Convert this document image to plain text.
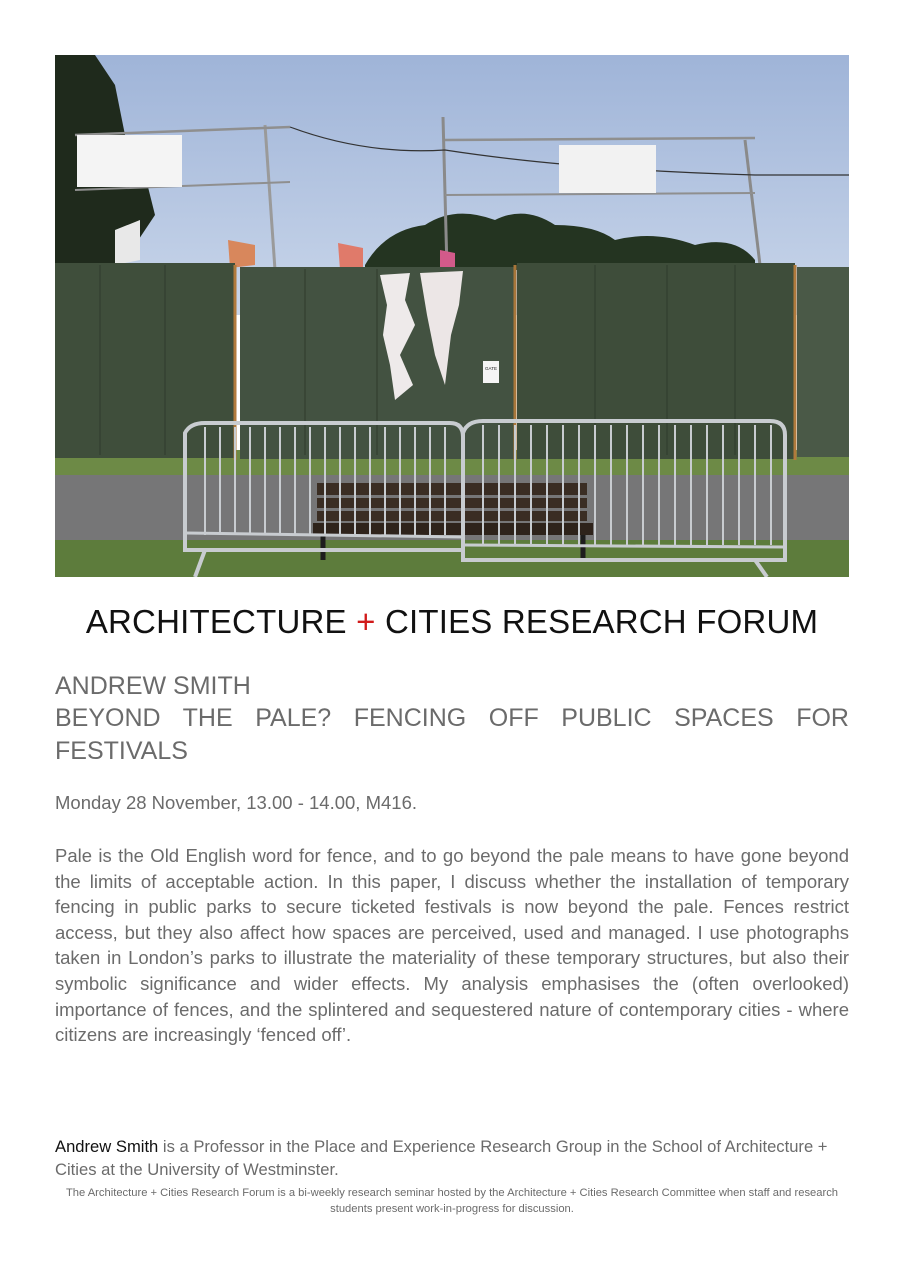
GATE
ARCHITECTURE + CITIES RESEARCH FORUM
ANDREW SMITH
BEYOND THE PALE? FENCING OFF PUBLIC SPACES FOR
FESTIVALS
Monday 28 November, 13.00 - 14.00, M416.
Pale is the Old English word for fence, and to go beyond the pale means to have gone beyond the limits of acceptable action. In this paper, I discuss whether the installation of temporary fencing in public parks to secure ticketed festivals is now beyond the pale. Fences restrict access, but they also affect how spaces are perceived, used and managed. I use photographs taken in London’s parks to illustrate the materiality of these temporary structures, but also their symbolic significance and wider effects. My analysis emphasises the (often overlooked) importance of fences, and the splintered and sequestered nature of contemporary cities - where citizens are increasingly ‘fenced off’.
Andrew Smith is a Professor in the Place and Experience Research Group in the School of Architecture + Cities at the University of Westminster.
The Architecture + Cities Research Forum is a bi-weekly research seminar hosted by the Architecture + Cities Research Committee when staff and research students present work-in-progress for discussion.
